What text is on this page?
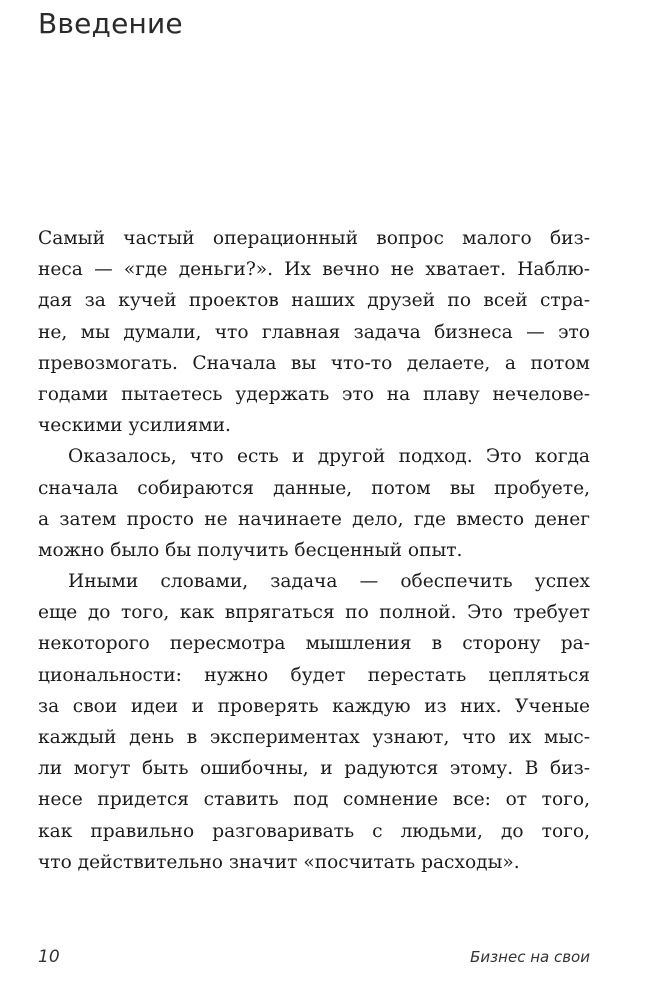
Введение
Самый частый операционный вопрос малого биз-
неса — «где деньги?». Их вечно не хватает. Наблю-
дая за кучей проектов наших друзей по всей стра-
не, мы думали, что главная задача бизнеса — это
превозмогать. Сначала вы что-то делаете, а потом
годами пытаетесь удержать это на плаву нечелове-
ческими усилиями.
Оказалось, что есть и другой подход. Это когда
сначала собираются данные, потом вы пробуете,
а затем просто не начинаете дело, где вместо денег
можно было бы получить бесценный опыт.
Иными словами, задача — обеспечить успех
еще до того, как впрягаться по полной. Это требует
некоторого пересмотра мышления в сторону ра-
циональности: нужно будет перестать цепляться
за свои идеи и проверять каждую из них. Ученые
каждый день в экспериментах узнают, что их мыс-
ли могут быть ошибочны, и радуются этому. В биз-
несе придется ставить под сомнение все: от того,
как правильно разговаривать с людьми, до того,
что действительно значит «посчитать расходы».
10	Бизнес на свои
